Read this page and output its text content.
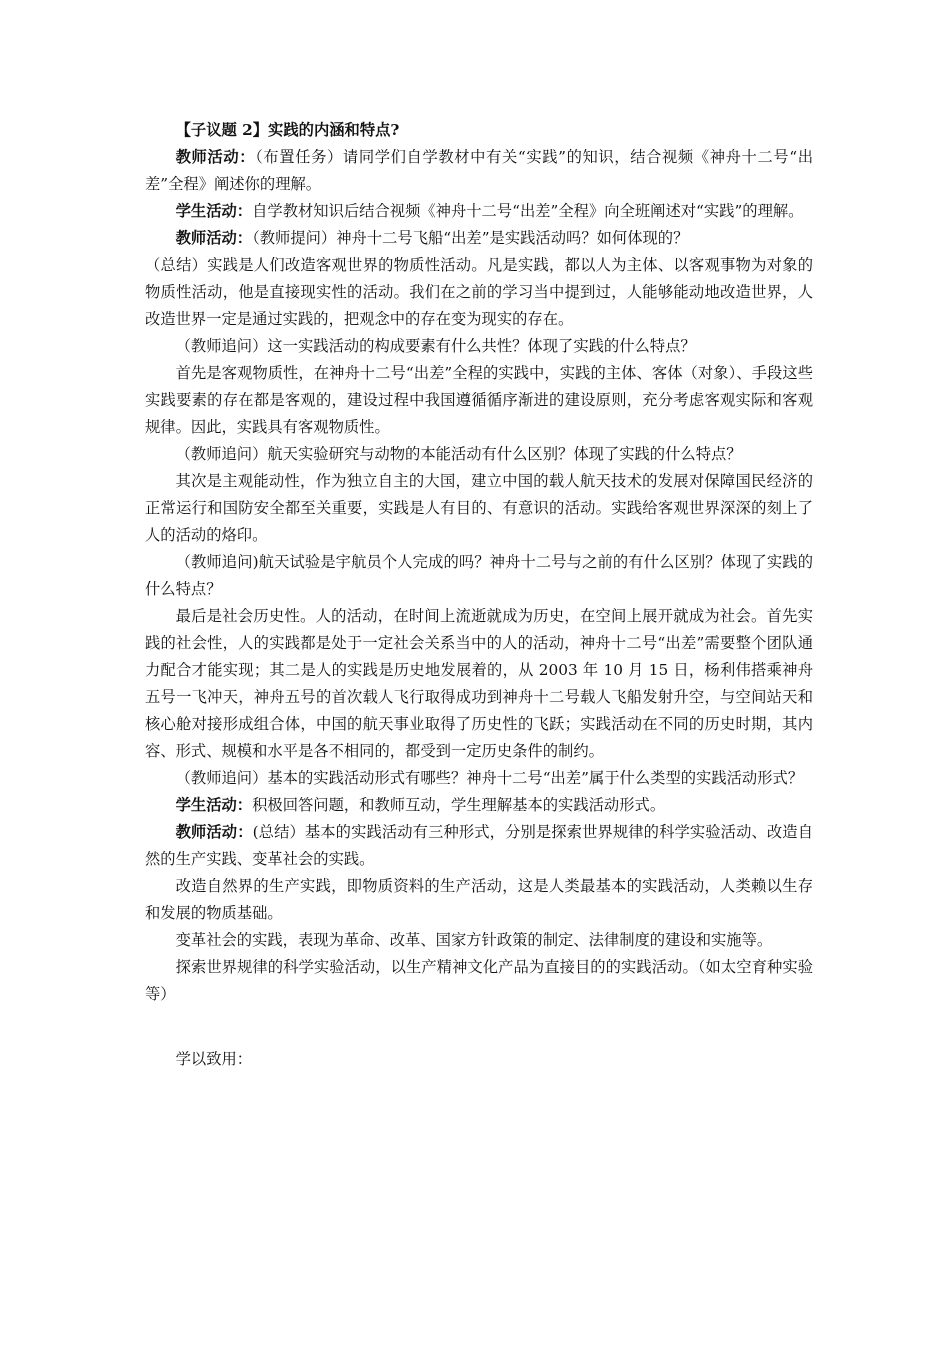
【子议题 2】实践的内涵和特点?

教师活动：（布置任务）请同学们自学教材中有关“实践”的知识，结合视频《神舟十二号“出差”全程》阐述你的理解。

学生活动：自学教材知识后结合视频《神舟十二号“出差”全程》向全班阐述对“实践”的理解。

教师活动：（教师提问）神舟十二号飞船“出差”是实践活动吗？如何体现的？

（总结）实践是人们改造客观世界的物质性活动。凡是实践，都以人为主体、以客观事物为对象的物质性活动，他是直接现实性的活动。我们在之前的学习当中提到过，人能够能动地改造世界，人改造世界一定是通过实践的，把观念中的存在变为现实的存在。

（教师追问）这一实践活动的构成要素有什么共性？体现了实践的什么特点？

首先是客观物质性，在神舟十二号“出差”全程的实践中，实践的主体、客体（对象）、手段这些实践要素的存在都是客观的，建设过程中我国遵循循序渐进的建设原则，充分考虑客观实际和客观规律。因此，实践具有客观物质性。

（教师追问）航天实验研究与动物的本能活动有什么区别？体现了实践的什么特点？

其次是主观能动性，作为独立自主的大国，建立中国的载人航天技术的发展对保障国民经济的正常运行和国防安全都至关重要，实践是人有目的、有意识的活动。实践给客观世界深深的刻上了人的活动的烙印。

（教师追问)航天试验是宇航员个人完成的吗？神舟十二号与之前的有什么区别？体现了实践的什么特点？

最后是社会历史性。人的活动，在时间上流逝就成为历史，在空间上展开就成为社会。首先实践的社会性，人的实践都是处于一定社会关系当中的人的活动，神舟十二号“出差”需要整个团队通力配合才能实现；其二是人的实践是历史地发展着的，从 2003 年 10 月 15 日，杨利伟搭乘神舟五号一飞冲天，神舟五号的首次载人飞行取得成功到神舟十二号载人飞船发射升空，与空间站天和核心舱对接形成组合体，中国的航天事业取得了历史性的飞跃；实践活动在不同的历史时期，其内容、形式、规模和水平是各不相同的，都受到一定历史条件的制约。

（教师追问）基本的实践活动形式有哪些？神舟十二号“出差”属于什么类型的实践活动形式？

学生活动：积极回答问题，和教师互动，学生理解基本的实践活动形式。

教师活动：(总结）基本的实践活动有三种形式，分别是探索世界规律的科学实验活动、改造自然的生产实践、变革社会的实践。

改造自然界的生产实践，即物质资料的生产活动，这是人类最基本的实践活动，人类赖以生存和发展的物质基础。

变革社会的实践，表现为革命、改革、国家方针政策的制定、法律制度的建设和实施等。

探索世界规律的科学实验活动，以生产精神文化产品为直接目的的实践活动。（如太空育种实验等）

学以致用：
